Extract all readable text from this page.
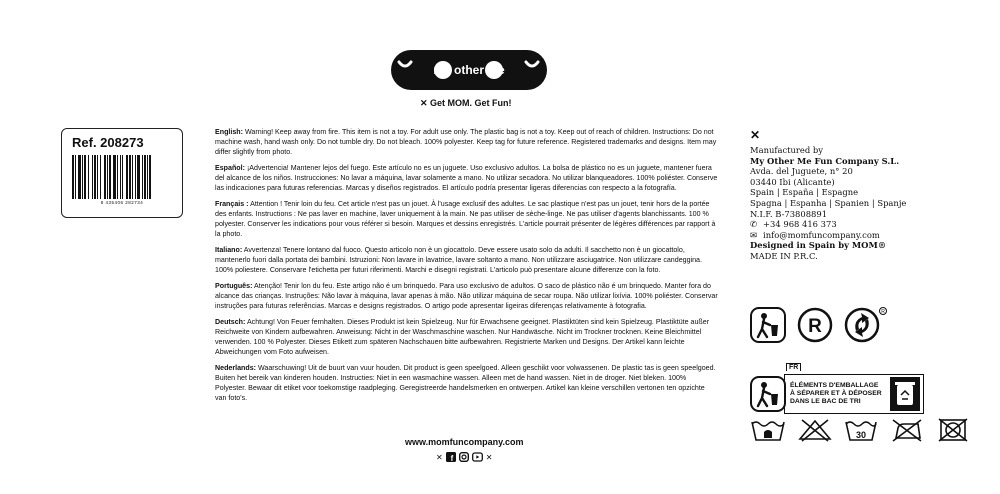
my other me
✕ Get MOM. Get Fun!
Ref. 208273
8 435406 282734

English: Warning! Keep away from fire. This item is not a toy. For adult use only. The plastic bag is not a toy. Keep out of reach of children. Instructions: Do not machine wash, hand wash only. Do not tumble dry. Do not bleach. 100% polyester. Keep tag for future reference. Registered trademarks and designs. Item may differ slightly from photo.

Español: ¡Advertencia! Mantener lejos del fuego. Este artículo no es un juguete. Uso exclusivo adultos. La bolsa de plástico no es un juguete, mantener fuera del alcance de los niños. Instrucciones: No lavar a máquina, lavar solamente a mano. No utilizar secadora. No utilizar blanqueadores. 100% poliéster. Conserve las indicaciones para futuras referencias. Marcas y diseños registrados. El artículo podría presentar ligeras diferencias con respecto a la fotografía.

Français : Attention ! Tenir loin du feu. Cet article n'est pas un jouet. À l'usage exclusif des adultes. Le sac plastique n'est pas un jouet, tenir hors de la portée des enfants. Instructions : Ne pas laver en machine, laver uniquement à la main. Ne pas utiliser de sèche-linge. Ne pas utiliser d'agents blanchissants. 100 % polyester. Conserver les indications pour vous référer si besoin. Marques et dessins enregistrés. L'article pourrait présenter de légères différences par rapport à la photo.

Italiano: Avvertenza! Tenere lontano dal fuoco. Questo articolo non è un giocattolo. Deve essere usato solo da adulti. Il sacchetto non è un giocattolo, mantenerlo fuori dalla portata dei bambini. Istruzioni: Non lavare in lavatrice, lavare soltanto a mano. Non utilizzare asciugatrice. Non utilizzare candeggina. 100% poliestere. Conservare l'etichetta per futuri riferimenti. Marchi e disegni registrati. L'articolo può presentare alcune differenze con la foto.

Português: Atenção! Tenir lon du feu. Este artigo não é um brinquedo. Para uso exclusivo de adultos. O saco de plástico não é um brinquedo. Manter fora do alcance das crianças. Instruções: Não lavar à máquina, lavar apenas à mão. Não utilizar máquina de secar roupa. Não utilizar lixívia. 100% poliéster. Conservar instruções para futuras referências. Marcas e designs registrados. O artigo pode apresentar ligeiras diferenças relativamente à fotografia.

Deutsch: Achtung! Von Feuer fernhalten. Dieses Produkt ist kein Spielzeug. Nur für Erwachsene geeignet. Plastiktüten sind kein Spielzeug. Plastiktüte außer Reichweite von Kindern aufbewahren. Anweisung: Nicht in der Waschmaschine waschen. Nur Handwäsche. Nicht im Trockner trocknen. Keine Bleichmittel verwenden. 100 % Polyester. Dieses Etikett zum späteren Nachschauen bitte aufbewahren. Registrierte Marken und Designs. Der Artikel kann leichte Abweichungen vom Foto aufweisen.

Nederlands: Waarschuwing! Uit de buurt van vuur houden. Dit product is geen speelgoed. Alleen geschikt voor volwassenen. De plastic tas is geen speelgoed. Buiten het bereik van kinderen houden. Instructies: Niet in een wasmachine wassen. Alleen met de hand wassen. Niet in de droger. Niet bleken. 100% Polyester. Bewaar dit etiket voor toekomstige raadpleging. Geregistreerde handelsmerken en ontwerpen. Artikel kan kleine verschillen vertonen ten opzichte van foto's.

www.momfuncompany.com
✕ f	✕
✕
Manufactured by
My Other Me Fun Company S.L.
Avda. del Juguete, n° 20
03440 Ibi (Alicante)
Spain | España | Espagne
Spagna | Espanha | Spanien | Spanje
N.I.F. B-73808891
✆ +34 968 416 373
✉ info@momfuncompany.com
Designed in Spain by MOM®
MADE IN P.R.C.
R
R
FR
ÉLÉMENTS D'EMBALLAGE
À SÉPARER ET À DÉPOSER
DANS LE BAC DE TRI
30
